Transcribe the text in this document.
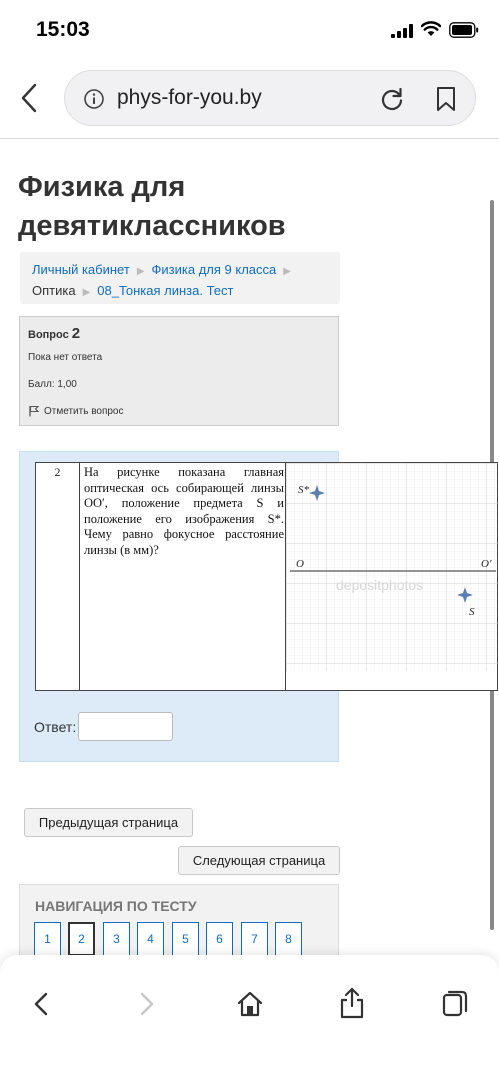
15:03
phys-for-you.by
Физика для девятиклассников
Личный кабинет ▶ Физика для 9 класса ▶
Оптика ▶ 08_Тонкая линза. Тест
Вопрос 2
Пока нет ответа
Балл: 1,00
Отметить вопрос
2	На рисунке показана главная оптическая ось собирающей линзы OO′, положение предмета S и положение его изображения S*. Чему равно фокусное расстояние линзы (в мм)?
O	O′
S*
S
depositphotos
Ответ:
Предыдущая страница
Следующая страница
НАВИГАЦИЯ ПО ТЕСТУ
1	2	3	4	5	6	7	8
